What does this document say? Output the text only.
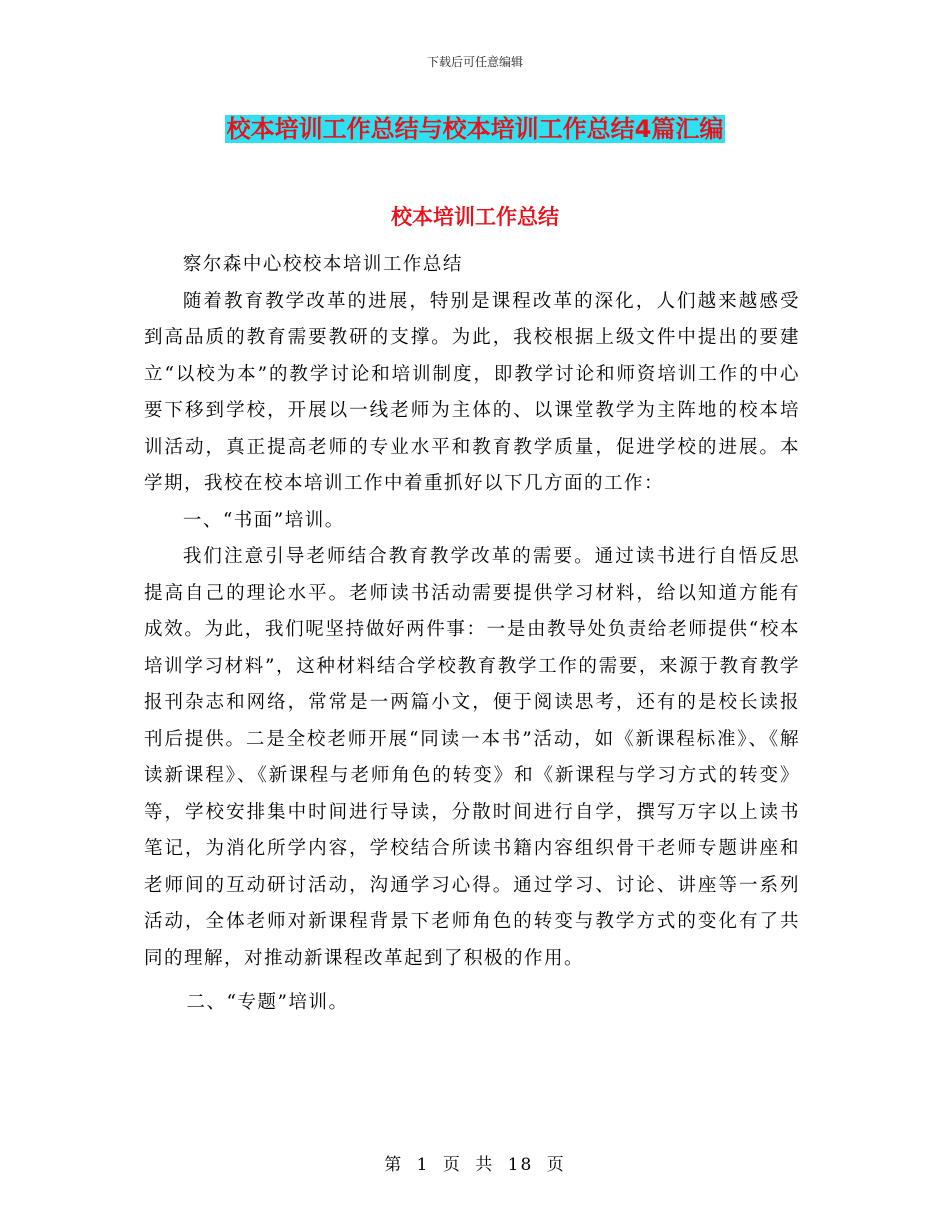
下载后可任意编辑
校本培训工作总结与校本培训工作总结4篇汇编
校本培训工作总结

察尔森中心校校本培训工作总结

随着教育教学改革的进展，特别是课程改革的深化，人们越来越感受到高品质的教育需要教研的支撑。为此，我校根据上级文件中提出的要建立“以校为本”的教学讨论和培训制度，即教学讨论和师资培训工作的中心要下移到学校，开展以一线老师为主体的、以课堂教学为主阵地的校本培训活动，真正提高老师的专业水平和教育教学质量，促进学校的进展。本学期，我校在校本培训工作中着重抓好以下几方面的工作：

一、“书面”培训。

我们注意引导老师结合教育教学改革的需要。通过读书进行自悟反思提高自己的理论水平。老师读书活动需要提供学习材料，给以知道方能有成效。为此，我们呢坚持做好两件事：一是由教导处负责给老师提供“校本培训学习材料”，这种材料结合学校教育教学工作的需要，来源于教育教学报刊杂志和网络，常常是一两篇小文，便于阅读思考，还有的是校长读报刊后提供。二是全校老师开展“同读一本书”活动，如《新课程标准》、《解读新课程》、《新课程与老师角色的转变》和《新课程与学习方式的转变》等，学校安排集中时间进行导读，分散时间进行自学，撰写万字以上读书笔记，为消化所学内容，学校结合所读书籍内容组织骨干老师专题讲座和老师间的互动研讨活动，沟通学习心得。通过学习、讨论、讲座等一系列活动，全体老师对新课程背景下老师角色的转变与教学方式的变化有了共同的理解，对推动新课程改革起到了积极的作用。

二、“专题”培训。

第 1 页 共 18 页
